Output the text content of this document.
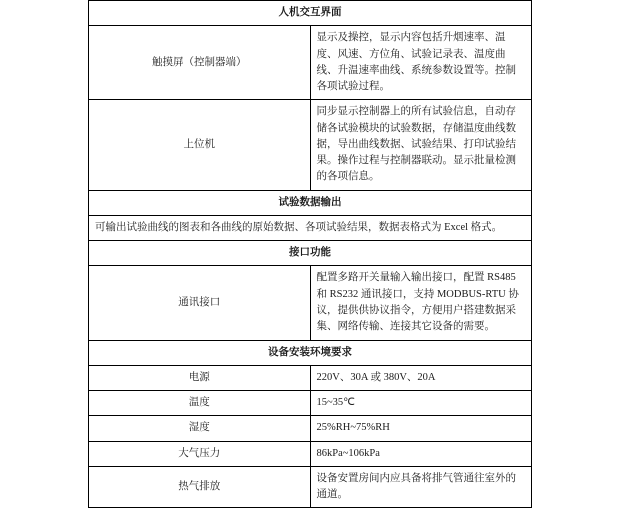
人机交互界面	
触摸屏（控制器端）	显示及操控，显示内容包括升烟速率、温度、风速、方位角、试验记录表、温度曲线、升温速率曲线、系统参数设置等。控制各项试验过程。
上位机	同步显示控制器上的所有试验信息，自动存储各试验模块的试验数据，存储温度曲线数据，导出曲线数据、试验结果、打印试验结果。操作过程与控制器联动。显示批量检测的各项信息。
试验数据输出	
可输出试验曲线的图表和各曲线的原始数据、各项试验结果，数据表格式为 Excel 格式。	
接口功能	
通讯接口	配置多路开关量输入输出接口，配置 RS485 和 RS232 通讯接口，支持 MODBUS-RTU 协议，提供供协议指令，方便用户搭建数据采集、网络传输、连接其它设备的需要。
设备安装环境要求	
电源	220V、30A 或 380V、20A
温度	15~35℃
湿度	25%RH~75%RH
大气压力	86kPa~106kPa
热气排放	设备安置房间内应具备将排气管通往室外的通道。
